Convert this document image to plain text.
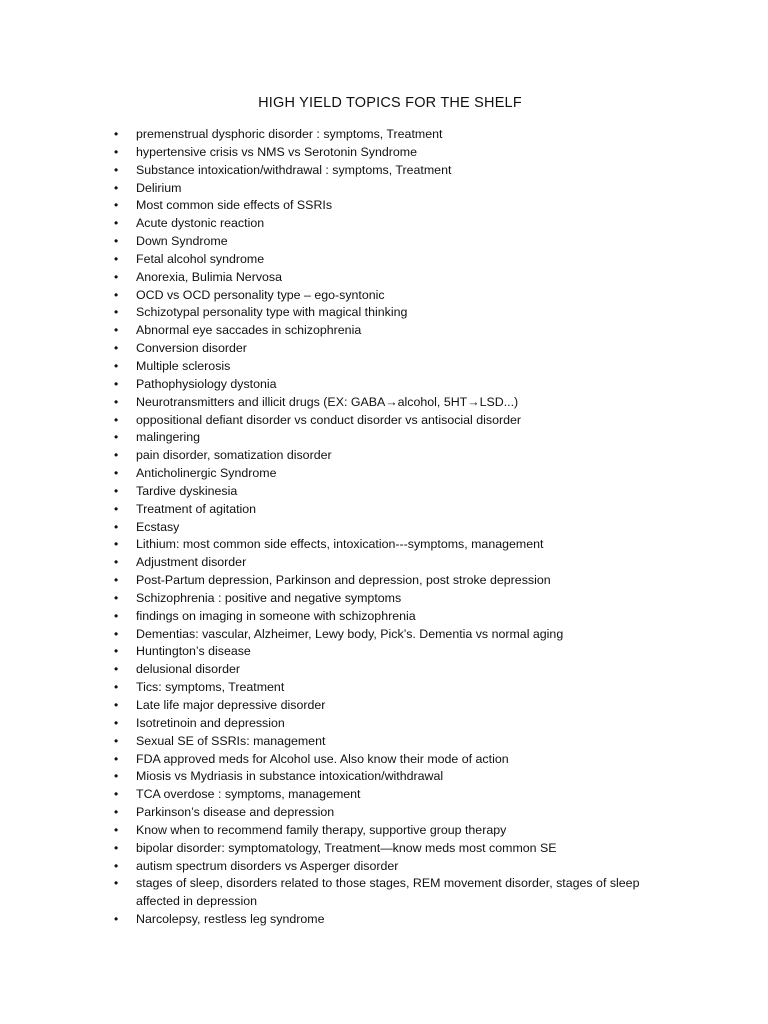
HIGH YIELD TOPICS FOR THE SHELF
• premenstrual dysphoric disorder : symptoms, Treatment
• hypertensive crisis vs NMS vs Serotonin Syndrome
• Substance intoxication/withdrawal : symptoms, Treatment
• Delirium
• Most common side effects of SSRIs
• Acute dystonic reaction
• Down Syndrome
• Fetal alcohol syndrome
• Anorexia, Bulimia Nervosa
• OCD vs OCD personality type – ego-syntonic
• Schizotypal personality type with magical thinking
• Abnormal eye saccades in schizophrenia
• Conversion disorder
• Multiple sclerosis
• Pathophysiology dystonia
• Neurotransmitters and illicit drugs (EX: GABA→alcohol, 5HT→LSD...)
• oppositional defiant disorder vs conduct disorder vs antisocial disorder
• malingering
• pain disorder, somatization disorder
• Anticholinergic Syndrome
• Tardive dyskinesia
• Treatment of agitation
• Ecstasy
• Lithium: most common side effects, intoxication---symptoms, management
• Adjustment disorder
• Post-Partum depression, Parkinson and depression, post stroke depression
• Schizophrenia : positive and negative symptoms
• findings on imaging in someone with schizophrenia
• Dementias: vascular, Alzheimer, Lewy body, Pick’s. Dementia vs normal aging
• Huntington’s disease
• delusional disorder
• Tics: symptoms, Treatment
• Late life major depressive disorder
• Isotretinoin and depression
• Sexual SE of SSRIs: management
• FDA approved meds for Alcohol use. Also know their mode of action
• Miosis vs Mydriasis in substance intoxication/withdrawal
• TCA overdose : symptoms, management
• Parkinson’s disease and depression
• Know when to recommend family therapy, supportive group therapy
• bipolar disorder: symptomatology, Treatment—know meds most common SE
• autism spectrum disorders vs Asperger disorder
• stages of sleep, disorders related to those stages, REM movement disorder, stages of sleep affected in depression
• Narcolepsy, restless leg syndrome
